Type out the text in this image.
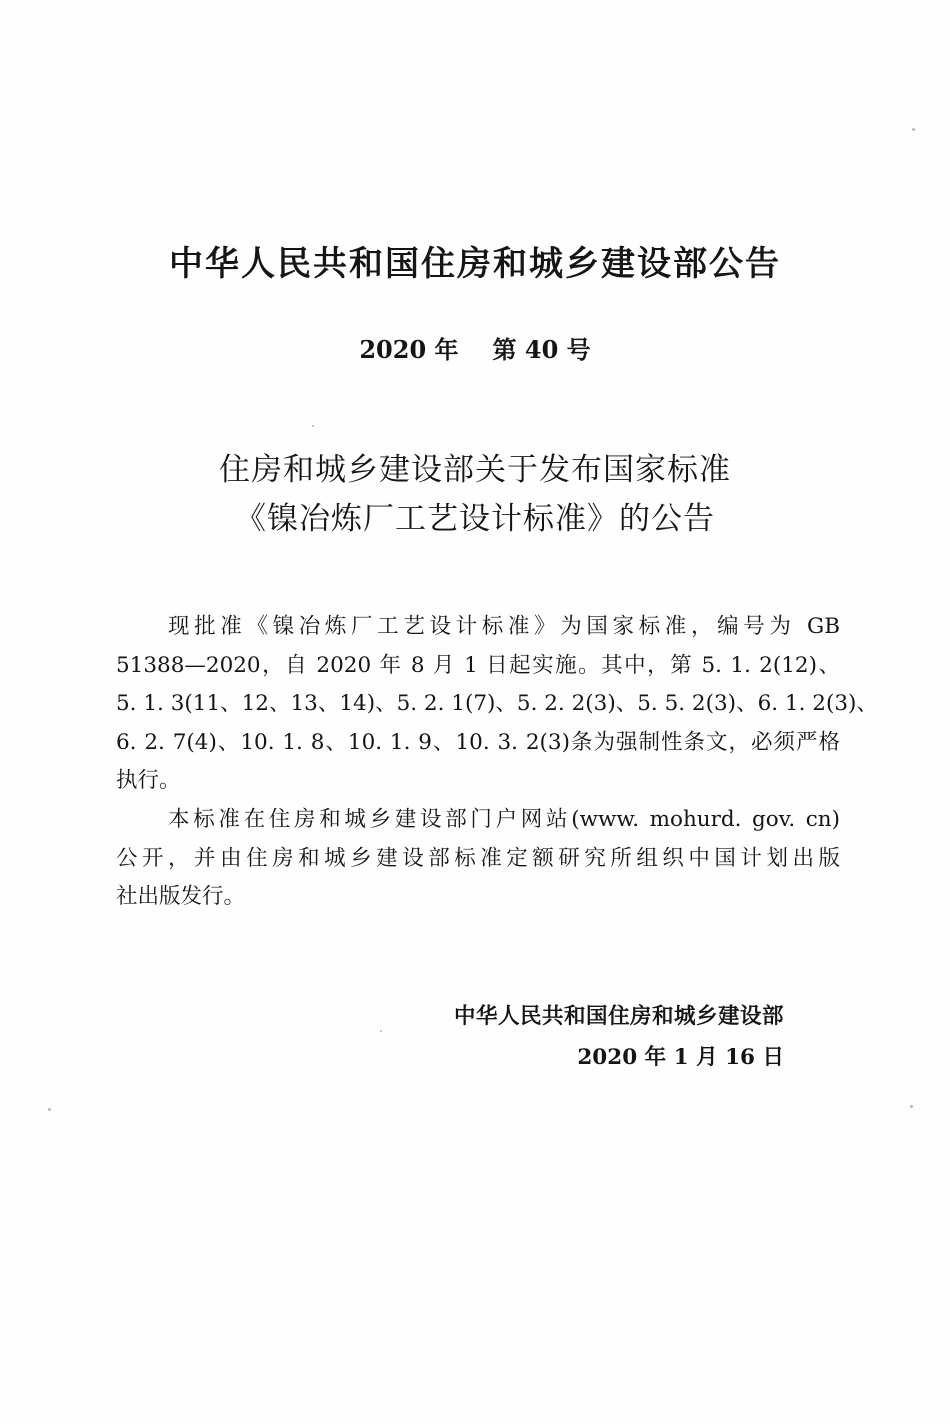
中华人民共和国住房和城乡建设部公告
2020 年 第 40 号
住房和城乡建设部关于发布国家标准
《镍冶炼厂工艺设计标准》的公告
现批准《镍冶炼厂工艺设计标准》为国家标准，编号为 GB
51388—2020，自 2020 年 8 月 1 日起实施。其中，第 5. 1. 2(12)、
5. 1. 3(11、12、13、14)、5. 2. 1(7)、5. 2. 2(3)、5. 5. 2(3)、6. 1. 2(3)、
6. 2. 7(4)、10. 1. 8、10. 1. 9、10. 3. 2(3)条为强制性条文，必须严格
执行。
本标准在住房和城乡建设部门户网站(www. mohurd. gov. cn)
公开，并由住房和城乡建设部标准定额研究所组织中国计划出版
社出版发行。
中华人民共和国住房和城乡建设部
2020 年 1 月 16 日
